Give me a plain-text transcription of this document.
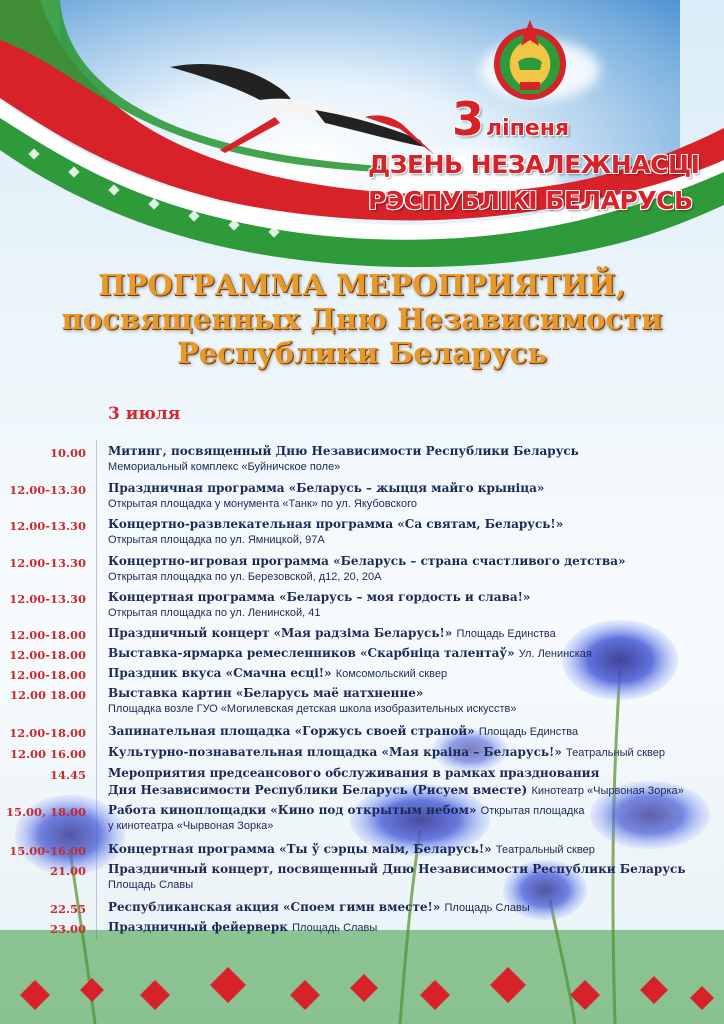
3 ліпеня
ДЗЕНЬ НЕЗАЛЕЖНАСЦІ
РЭСПУБЛІКІ БЕЛАРУСЬ
ПРОГРАММА МЕРОПРИЯТИЙ,
посвященных Дню Независимости
Республики Беларусь
3 июля
10.00 Митинг, посвященный Дню Независимости Республики Беларусь
Мемориальный комплекс «Буйничское поле»
12.00-13.30 Праздничная программа «Беларусь – жыцця майго крыніца»
Открытая площадка у монумента «Танк» по ул. Якубовского
12.00-13.30 Концертно-развлекательная программа «Са святам, Беларусь!»
Открытая площадка по ул. Ямницкой, 97А
12.00-13.30 Концертно-игровая программа «Беларусь – страна счастливого детства»
Открытая площадка по ул. Березовской, д12, 20, 20А
12.00-13.30 Концертная программа «Беларусь – моя гордость и слава!»
Открытая площадка по ул. Ленинской, 41
12.00-18.00 Праздничный концерт «Мая радзіма Беларусь!» Площадь Единства
12.00-18.00 Выставка-ярмарка ремесленников «Скарбніца талентаў» Ул. Ленинская
12.00-18.00 Праздник вкуса «Смачна есці!» Комсомольский сквер
12.00 18.00 Выставка картин «Беларусь маё натхненне»
Площадка возле ГУО «Могилевская детская школа изобразительных искусств»
12.00-18.00 Запинательная площадка «Горжусь своей страной» Площадь Единства
12.00 16.00 Культурно-познавательная площадка «Мая краіна – Беларусь!» Театральный сквер
14.45 Мероприятия предсеансового обслуживания в рамках празднования
Дня Независимости Республики Беларусь (Рисуем вместе) Кинотеатр «Чырвоная Зорка»
15.00, 18.00 Работа киноплощадки «Кино под открытым небом» Открытая площадка
у кинотеатра «Чырвоная Зорка»
15.00-16.00 Концертная программа «Ты ў сэрцы маім, Беларусь!» Театральный сквер
21.00 Праздничный концерт, посвященный Дню Независимости Республики Беларусь
Площадь Славы
22.55 Республиканская акция «Споем гимн вместе!» Площадь Славы
23.00 Праздничный фейерверк Площадь Славы
